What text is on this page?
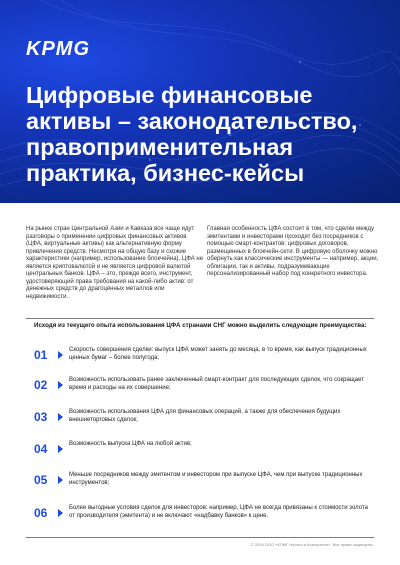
KPMG
Цифровые финансовые активы – законодательство, правоприменительная практика, бизнес-кейсы

На рынке стран Центральной Азии и Кавказа все чаще идут разговоры о применении цифровых финансовых активов (ЦФА, виртуальные активы) как альтернативную форму привлечения средств. Несмотря на общую базу и схожие характеристики (например, использование блокчейна), ЦФА не является криптовалютой и не является цифровой валютой центральных банков. ЦФА – это, прежде всего, инструмент, удостоверяющий права требования на какой-либо актив: от денежных средств до драгоценных металлов или недвижимости.

Главная особенность ЦФА состоит в том, что сделки между эмитентами и инвесторами проходят без посредников с помощью смарт-контрактов: цифровых договоров, размещенных в блокчейн-сети. В цифровую оболочку можно обернуть как классические инструменты — например, акции, облигации, так и активы, подразумевающие персонализированный набор под конкретного инвестора.

Исходя из текущего опыта использования ЦФА странами СНГ можно выделить следующие преимущества:

01	Скорость совершения сделки: выпуск ЦФА может занять до месяца, в то время, как выпуск традиционных ценных бумаг – более полугода;

02	Возможность использовать ранее заключенный смарт-контракт для последующих сделок, что сокращает время и расходы на их совершение;

03	Возможность использования ЦФА для финансовых операций, а также для обеспечения будущих внешнеторговых сделок;

04	Возможность выпуска ЦФА на любой актив;

05	Меньше посредников между эмитентом и инвестором при выпуске ЦФА, чем при выпуске традиционных инструментов;

06	Более выгодные условия сделок для инвесторов: например, ЦФА не всегда привязаны к стоимости золота от производителя (эмитента) и не включают «надбавку банков» к цене.

© 2024 ООО «КПМГ Налоги и Консалтинг». Все права защищены.
